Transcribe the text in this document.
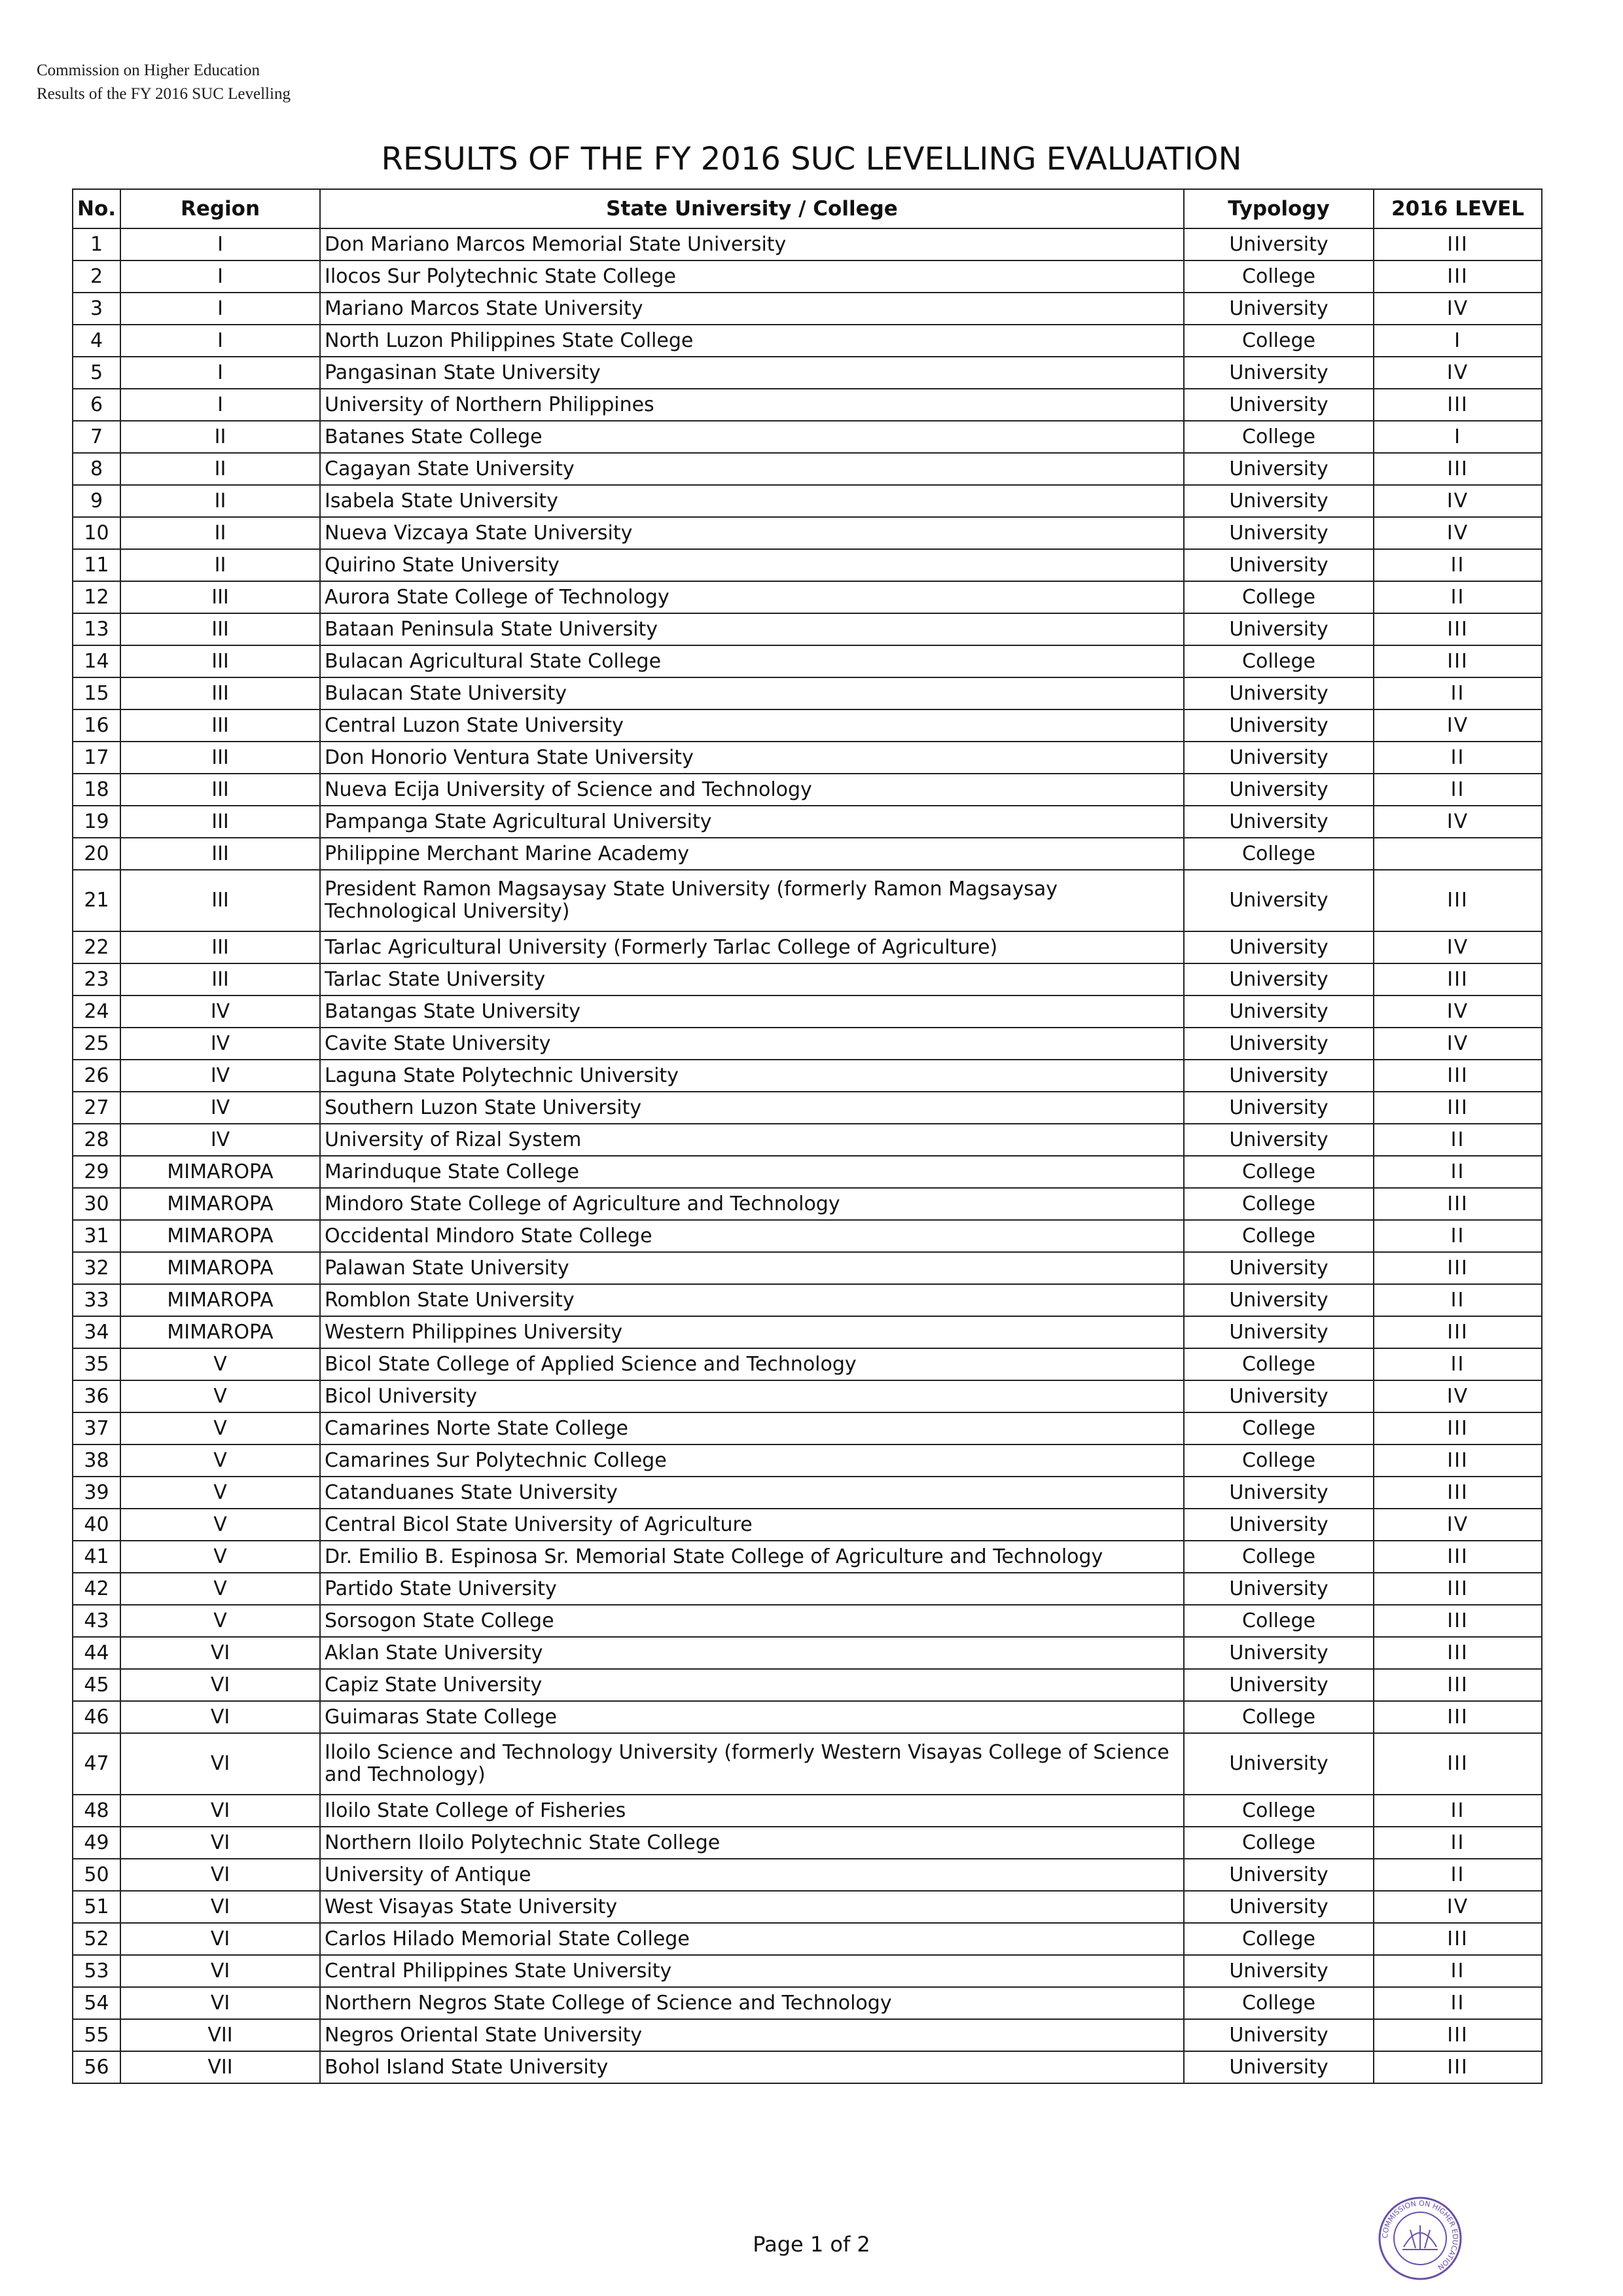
Commission on Higher Education
Results of the FY 2016 SUC Levelling
RESULTS OF THE FY 2016 SUC LEVELLING EVALUATION
No.	Region	State University / College	Typology	2016 LEVEL
1	I	Don Mariano Marcos Memorial State University	University	III
2	I	Ilocos Sur Polytechnic State College	College	III
3	I	Mariano Marcos State University	University	IV
4	I	North Luzon Philippines State College	College	I
5	I	Pangasinan State University	University	IV
6	I	University of Northern Philippines	University	III
7	II	Batanes State College	College	I
8	II	Cagayan State University	University	III
9	II	Isabela State University	University	IV
10	II	Nueva Vizcaya State University	University	IV
11	II	Quirino State University	University	II
12	III	Aurora State College of Technology	College	II
13	III	Bataan Peninsula State University	University	III
14	III	Bulacan Agricultural State College	College	III
15	III	Bulacan State University	University	II
16	III	Central Luzon State University	University	IV
17	III	Don Honorio Ventura State University	University	II
18	III	Nueva Ecija University of Science and Technology	University	II
19	III	Pampanga State Agricultural University	University	IV
20	III	Philippine Merchant Marine Academy	College	
21	III	President Ramon Magsaysay State University (formerly Ramon Magsaysay Technological University)	University	III
22	III	Tarlac Agricultural University (Formerly Tarlac College of Agriculture)	University	IV
23	III	Tarlac State University	University	III
24	IV	Batangas State University	University	IV
25	IV	Cavite State University	University	IV
26	IV	Laguna State Polytechnic University	University	III
27	IV	Southern Luzon State University	University	III
28	IV	University of Rizal System	University	II
29	MIMAROPA	Marinduque State College	College	II
30	MIMAROPA	Mindoro State College of Agriculture and Technology	College	III
31	MIMAROPA	Occidental Mindoro State College	College	II
32	MIMAROPA	Palawan State University	University	III
33	MIMAROPA	Romblon State University	University	II
34	MIMAROPA	Western Philippines University	University	III
35	V	Bicol State College of Applied Science and Technology	College	II
36	V	Bicol University	University	IV
37	V	Camarines Norte State College	College	III
38	V	Camarines Sur Polytechnic College	College	III
39	V	Catanduanes State University	University	III
40	V	Central Bicol State University of Agriculture	University	IV
41	V	Dr. Emilio B. Espinosa Sr. Memorial State College of Agriculture and Technology	College	III
42	V	Partido State University	University	III
43	V	Sorsogon State College	College	III
44	VI	Aklan State University	University	III
45	VI	Capiz State University	University	III
46	VI	Guimaras State College	College	III
47	VI	Iloilo Science and Technology University (formerly Western Visayas College of Science and Technology)	University	III
48	VI	Iloilo State College of Fisheries	College	II
49	VI	Northern Iloilo Polytechnic State College	College	II
50	VI	University of Antique	University	II
51	VI	West Visayas State University	University	IV
52	VI	Carlos Hilado Memorial State College	College	III
53	VI	Central Philippines State University	University	II
54	VI	Northern Negros State College of Science and Technology	College	II
55	VII	Negros Oriental State University	University	III
56	VII	Bohol Island State University	University	III
Page 1 of 2	COMMISSION ON HIGHER EDUCATION
